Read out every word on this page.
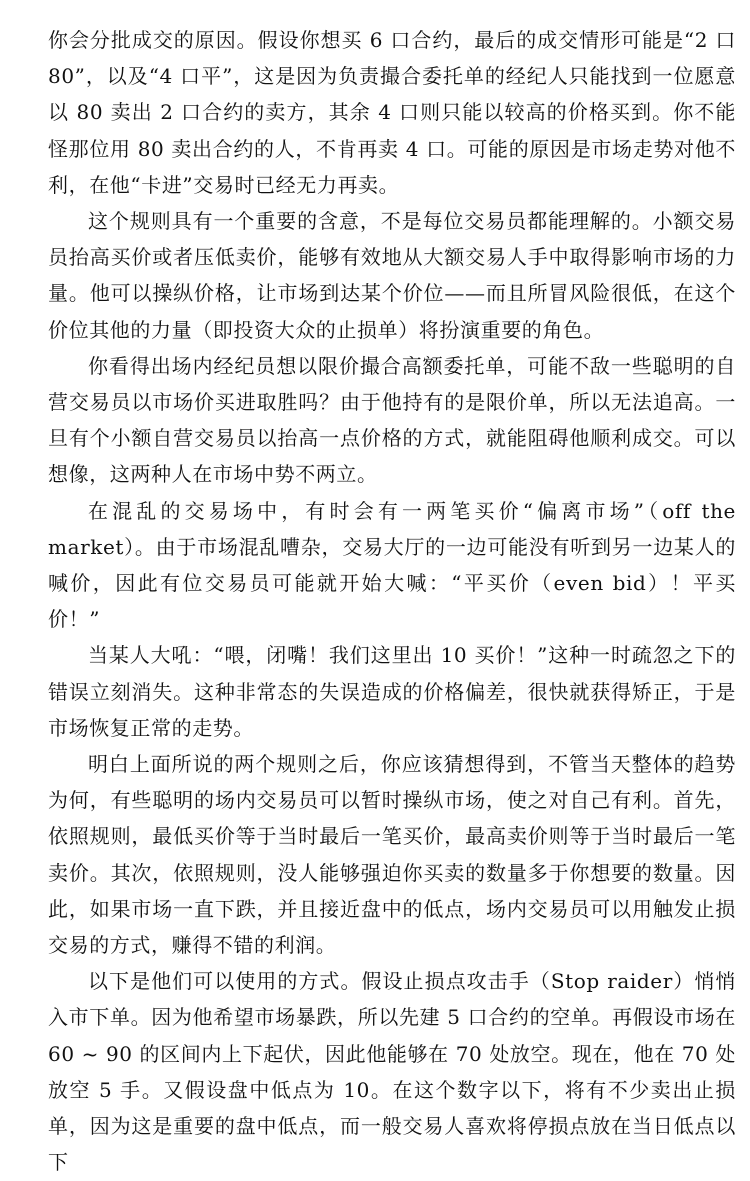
你会分批成交的原因。假设你想买 6 口合约，最后的成交情形可能是“2 口 80”，以及“4 口平”，这是因为负责撮合委托单的经纪人只能找到一位愿意以 80 卖出 2 口合约的卖方，其余 4 口则只能以较高的价格买到。你不能怪那位用 80 卖出合约的人，不肯再卖 4 口。可能的原因是市场走势对他不利，在他“卡进”交易时已经无力再卖。

这个规则具有一个重要的含意，不是每位交易员都能理解的。小额交易员抬高买价或者压低卖价，能够有效地从大额交易人手中取得影响市场的力量。他可以操纵价格，让市场到达某个价位——而且所冒风险很低，在这个价位其他的力量（即投资大众的止损单）将扮演重要的角色。

你看得出场内经纪员想以限价撮合高额委托单，可能不敌一些聪明的自营交易员以市场价买进取胜吗？由于他持有的是限价单，所以无法追高。一旦有个小额自营交易员以抬高一点价格的方式，就能阻碍他顺利成交。可以想像，这两种人在市场中势不两立。

在混乱的交易场中，有时会有一两笔买价“偏离市场”（off the market）。由于市场混乱嘈杂，交易大厅的一边可能没有听到另一边某人的喊价，因此有位交易员可能就开始大喊：“平买价（even bid）！平买价！”

当某人大吼：“喂，闭嘴！我们这里出 10 买价！”这种一时疏忽之下的错误立刻消失。这种非常态的失误造成的价格偏差，很快就获得矫正，于是市场恢复正常的走势。

明白上面所说的两个规则之后，你应该猜想得到，不管当天整体的趋势为何，有些聪明的场内交易员可以暂时操纵市场，使之对自己有利。首先，依照规则，最低买价等于当时最后一笔买价，最高卖价则等于当时最后一笔卖价。其次，依照规则，没人能够强迫你买卖的数量多于你想要的数量。因此，如果市场一直下跌，并且接近盘中的低点，场内交易员可以用触发止损交易的方式，赚得不错的利润。

以下是他们可以使用的方式。假设止损点攻击手（Stop raider）悄悄入市下单。因为他希望市场暴跌，所以先建 5 口合约的空单。再假设市场在 60 ~ 90 的区间内上下起伏，因此他能够在 70 处放空。现在，他在 70 处放空 5 手。又假设盘中低点为 10。在这个数字以下，将有不少卖出止损单，因为这是重要的盘中低点，而一般交易人喜欢将停损点放在当日低点以下
